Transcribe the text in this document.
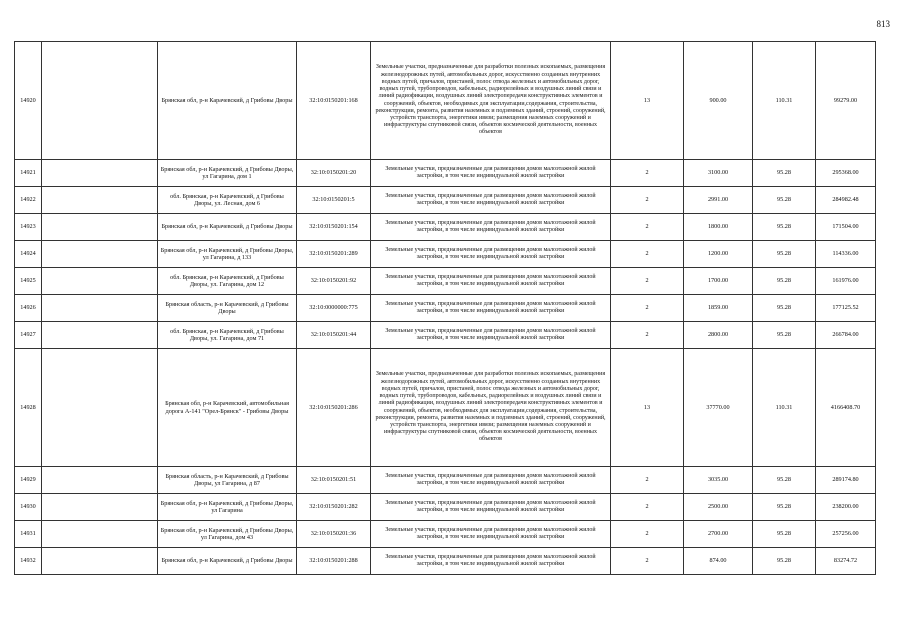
813
14920		Брянская обл, р-н Карачевский, д Грибовы Дворы	32:10:0150201:168	Земельные участки, предназначенные для разработки полезных ископаемых, размещения железнодорожных путей, автомобильных дорог, искусственно созданных внутренних водных путей, причалов, пристаней, полос отвода железных и автомобильных дорог, водных путей, трубопроводов, кабельных, радиорелейных и воздушных линий связи и линий радиофикации, воздушных линий электропередачи конструктивных элементов и сооружений, объектов, необходимых для эксплуатации,содержания, строительства, реконструкции, ремонта, развития наземных и подземных зданий, строений, сооружений, устройств транспорта, энергетики ивязи; размещения наземных сооружений и инфраструктуры спутниковой связи, объектов космической деятельности, военных объектов	13	900.00	110.31	99279.00
14921		Брянская обл, р-н Карачевский, д Грибовы Дворы, ул Гагарина, дом 1	32:10:0150201:20	Земельные участки, предназначенные для размещения домов малоэтажной жилой застройки, в том числе индивидуальной жилой застройки	2	3100.00	95.28	295368.00
14922		обл. Брянская, р-н Карачевский, д Грибовы Дворы, ул. Лесная, дом 6	32:10:0150201:5	Земельные участки, предназначенные для размещения домов малоэтажной жилой застройки, в том числе индивидуальной жилой застройки	2	2991.00	95.28	284982.48
14923		Брянская обл, р-н Карачевский, д Грибовы Дворы	32:10:0150201:154	Земельные участки, предназначенные для размещения домов малоэтажной жилой застройки, в том числе индивидуальной жилой застройки	2	1800.00	95.28	171504.00
14924		Брянская обл, р-н Карачевский, д Грибовы Дворы, ул Гагарина, д 133	32:10:0150201:289	Земельные участки, предназначенные для размещения домов малоэтажной жилой застройки, в том числе индивидуальной жилой застройки	2	1200.00	95.28	114336.00
14925		обл. Брянская, р-н Карачевский, д Грибовы Дворы, ул. Гагарина, дом 12	32:10:0150201:92	Земельные участки, предназначенные для размещения домов малоэтажной жилой застройки, в том числе индивидуальной жилой застройки	2	1700.00	95.28	161976.00
14926		Брянская область, р-н Карачевский, д Грибовы Дворы	32:10:0000000:775	Земельные участки, предназначенные для размещения домов малоэтажной жилой застройки, в том числе индивидуальной жилой застройки	2	1859.00	95.28	177125.52
14927		обл. Брянская, р-н Карачевский, д Грибовы Дворы, ул. Гагарина, дом 71	32:10:0150201:44	Земельные участки, предназначенные для размещения домов малоэтажной жилой застройки, в том числе индивидуальной жилой застройки	2	2800.00	95.28	266784.00
14928		Брянская обл, р-н Карачевский, автомобильная дорога А-141 "Орел-Брянск" - Грибовы Дворы	32:10:0150201:286	Земельные участки, предназначенные для разработки полезных ископаемых, размещения железнодорожных путей, автомобильных дорог, искусственно созданных внутренних водных путей, причалов, пристаней, полос отвода железных и автомобильных дорог, водных путей, трубопроводов, кабельных, радиорелейных и воздушных линий связи и линий радиофикации, воздушных линий электропередачи конструктивных элементов и сооружений, объектов, необходимых для эксплуатации,содержания, строительства, реконструкции, ремонта, развития наземных и подземных зданий, строений, сооружений, устройств транспорта, энергетики ивязи; размещения наземных сооружений и инфраструктуры спутниковой связи, объектов космической деятельности, военных объектов	13	37770.00	110.31	4166408.70
14929		Брянская область, р-н Карачевский, д Грибовы Дворы, ул Гагарина, д 87	32:10:0150201:51	Земельные участки, предназначенные для размещения домов малоэтажной жилой застройки, в том числе индивидуальной жилой застройки	2	3035.00	95.28	289174.80
14930		Брянская обл, р-н Карачевский, д Грибовы Дворы, ул Гагарина	32:10:0150201:282	Земельные участки, предназначенные для размещения домов малоэтажной жилой застройки, в том числе индивидуальной жилой застройки	2	2500.00	95.28	238200.00
14931		Брянская обл, р-н Карачевский, д Грибовы Дворы, ул Гагарина, дом 43	32:10:0150201:36	Земельные участки, предназначенные для размещения домов малоэтажной жилой застройки, в том числе индивидуальной жилой застройки	2	2700.00	95.28	257256.00
14932		Брянская обл, р-н Карачевский, д Грибовы Дворы	32:10:0150201:288	Земельные участки, предназначенные для размещения домов малоэтажной жилой застройки, в том числе индивидуальной жилой застройки	2	874.00	95.28	83274.72
